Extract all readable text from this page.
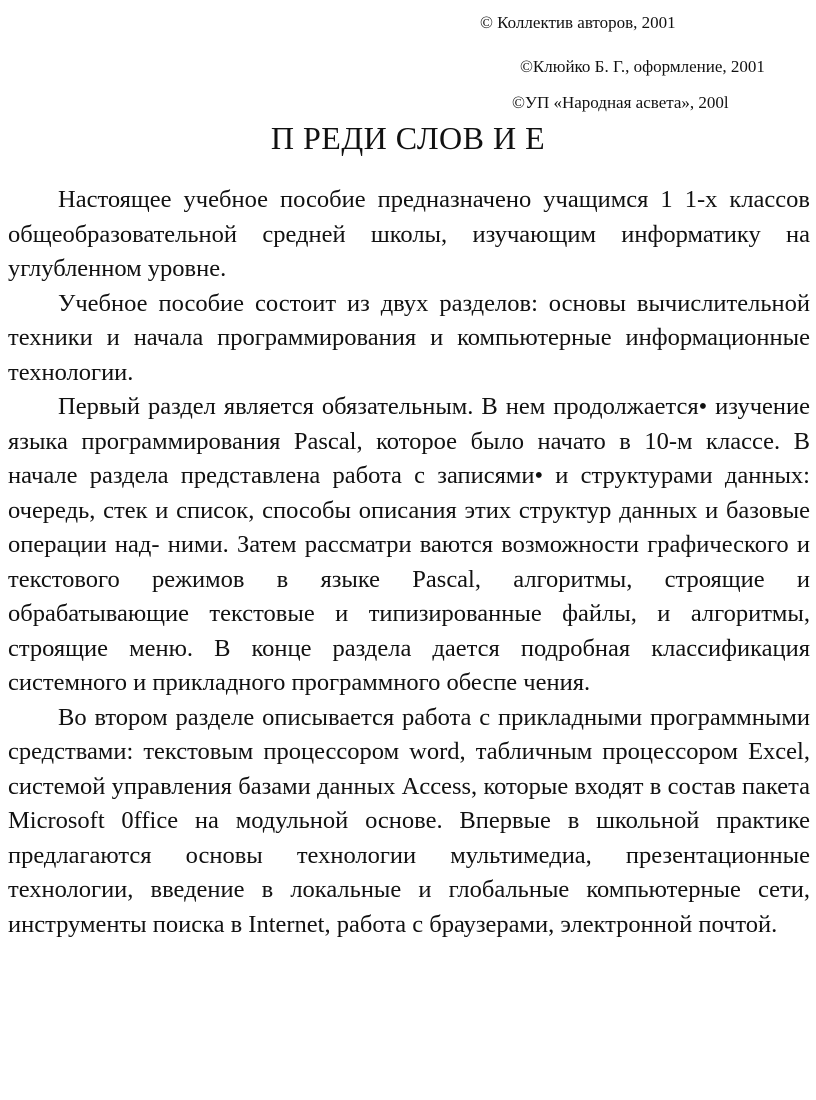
© Коллектив авторов, 2001
©Клюйко Б. Г., оформление, 2001
©УП «Народная асвета», 200l
П РЕДИ СЛОВ И Е

Настоящее учебное пособие предназначено учащимся 1 1-х классов общеобразовательной средней школы, изучающим информатику на углубленном уровне.

Учебное пособие состоит из двух разделов: основы вычислительной техники и начала программирования и компьютерные информационные технологии.

Первый раздел является обязательным. В нем продолжается• изучение языка программирования Pascal, которое было начато в 10-м классе. В начале раздела представлена работа с записями• и структурами данных: очередь, стек и список, способы описания этих структур данных и базовые операции над- ними. Затем рассматри ваются возможности графического и текстового режимов в языке Pascal, алгоритмы, строящие и обрабатывающие текстовые и типизированные файлы, и алгоритмы, строящие меню. В конце раздела дается подробная классификация системного и прикладного программного обеспе чения.

Во втором разделе описывается работа с прикладными программными средствами: текстовым процессором word, табличным процессором Excel, системой управления базами данных Access, которые входят в состав пакета Microsoft 0ffice на модульной основе. Впервые в школьной практике предлагаются основы технологии мультимедиа, презентационные технологии, введение в локальные и глобальные компьютерные сети, инструменты поиска в Internet, работа с браузерами, электронной почтой.
